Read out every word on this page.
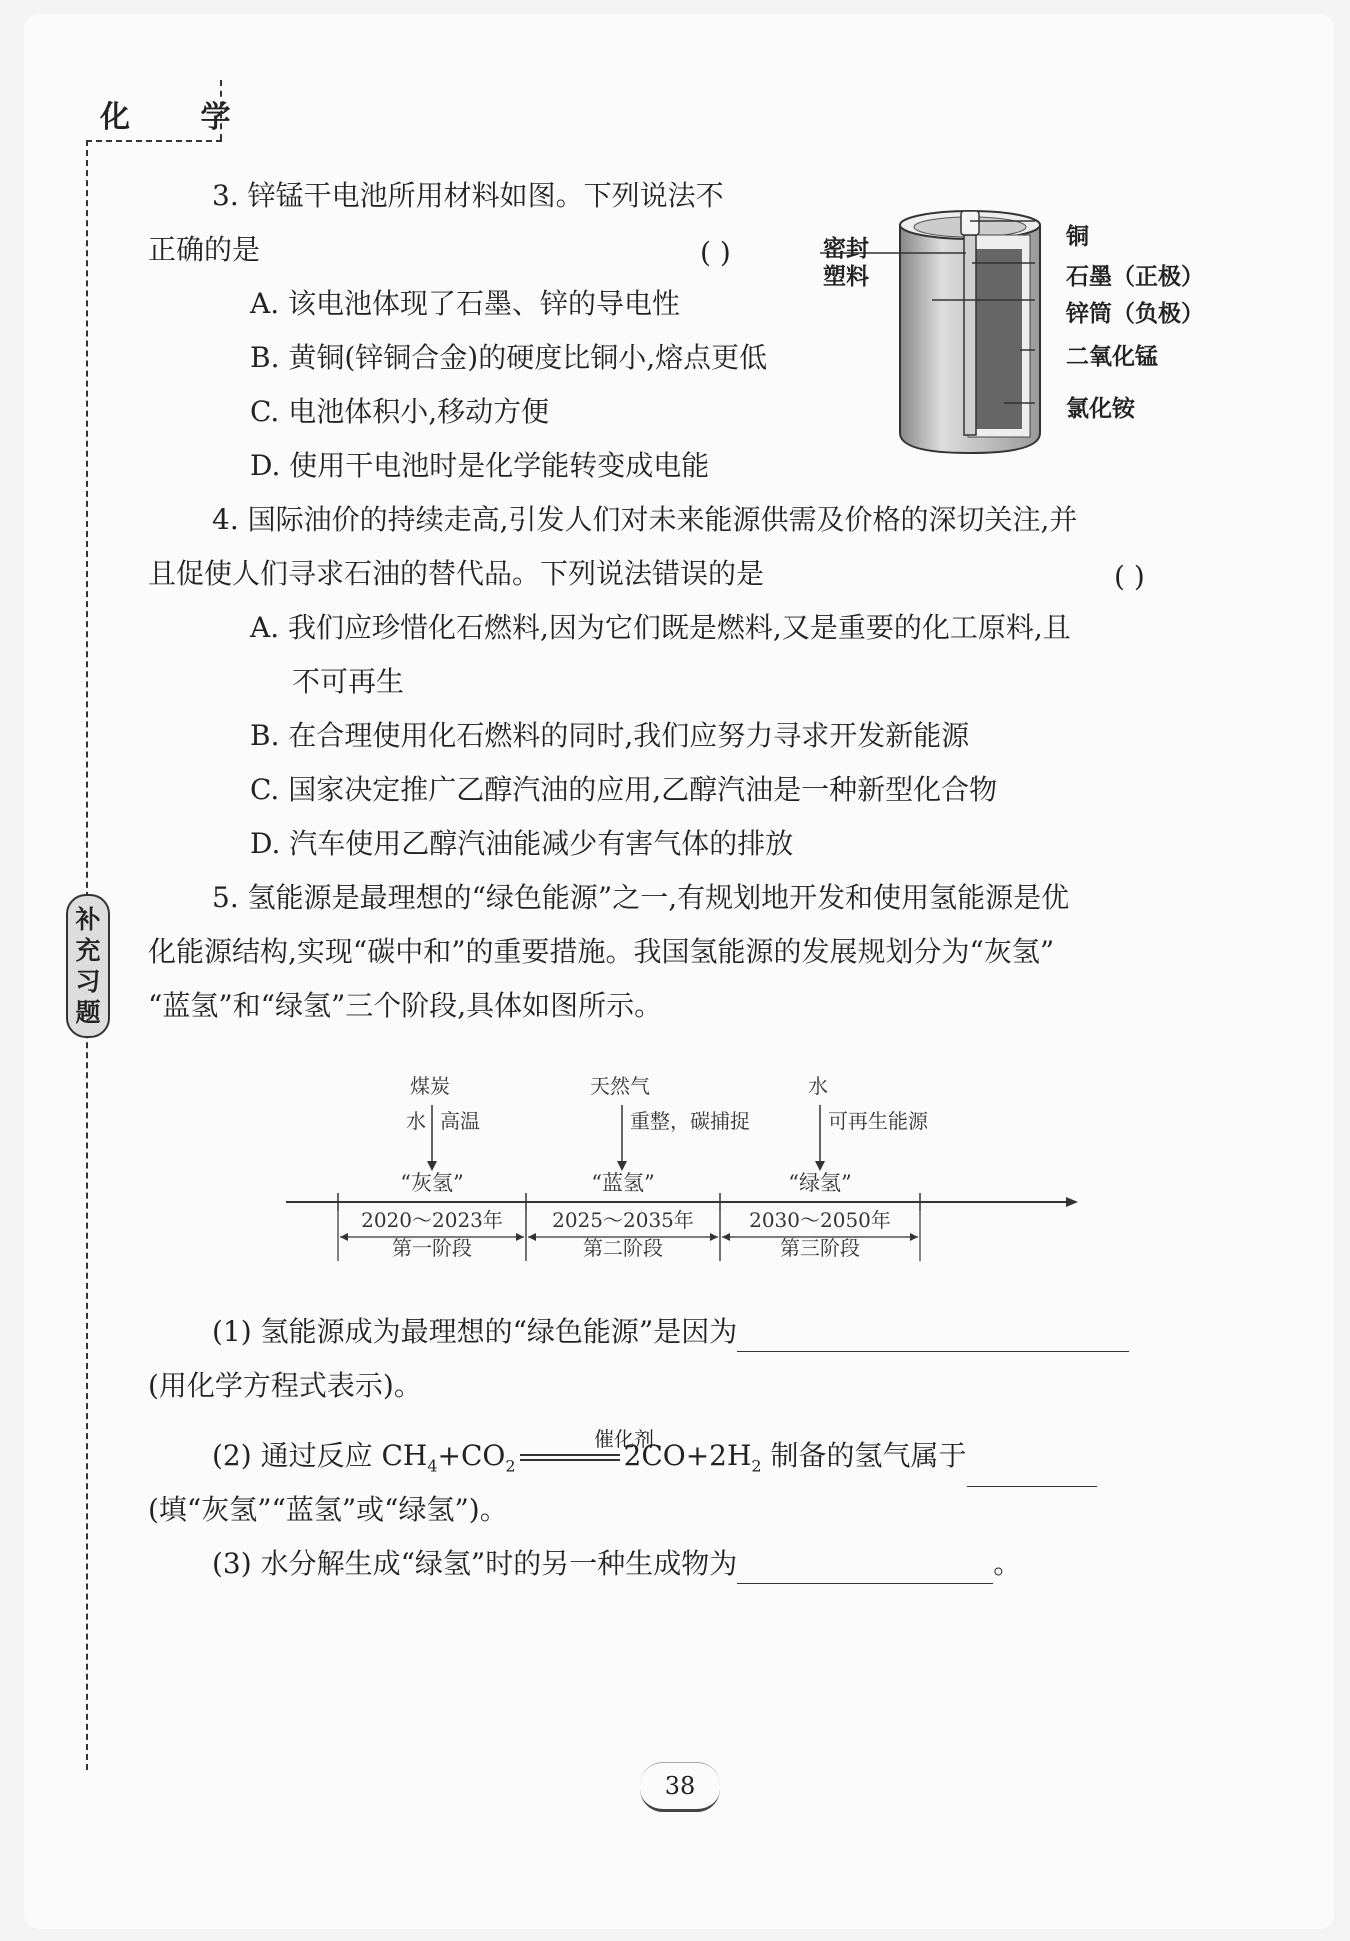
化 学
补
充
习
题
3. 锌锰干电池所用材料如图。下列说法不
正确的是	( )
A. 该电池体现了石墨、锌的导电性
B. 黄铜(锌铜合金)的硬度比铜小,熔点更低
C. 电池体积小,移动方便
D. 使用干电池时是化学能转变成电能
密封
塑料
铜
石墨（正极）
锌筒（负极）
二氧化锰
氯化铵
4. 国际油价的持续走高,引发人们对未来能源供需及价格的深切关注,并
且促使人们寻求石油的替代品。下列说法错误的是	( )
A. 我们应珍惜化石燃料,因为它们既是燃料,又是重要的化工原料,且
不可再生
B. 在合理使用化石燃料的同时,我们应努力寻求开发新能源
C. 国家决定推广乙醇汽油的应用,乙醇汽油是一种新型化合物
D. 汽车使用乙醇汽油能减少有害气体的排放
5. 氢能源是最理想的“绿色能源”之一,有规划地开发和使用氢能源是优
化能源结构,实现“碳中和”的重要措施。我国氢能源的发展规划分为“灰氢”
“蓝氢”和“绿氢”三个阶段,具体如图所示。
煤炭
水 高温
“灰氢”
2020～2023年
第一阶段
天然气
重整，碳捕捉
“蓝氢”
2025～2035年
第二阶段
水
可再生能源
“绿氢”
2030～2050年
第三阶段
(1) 氢能源成为最理想的“绿色能源”是因为
(用化学方程式表示)。
(2) 通过反应 $CH_4+CO_2$	$2CO+2H_2$ 制备的氢气属于
催化剂
(填“灰氢”“蓝氢”或“绿氢”)。
(3) 水分解生成“绿氢”时的另一种生成物为	。
38
